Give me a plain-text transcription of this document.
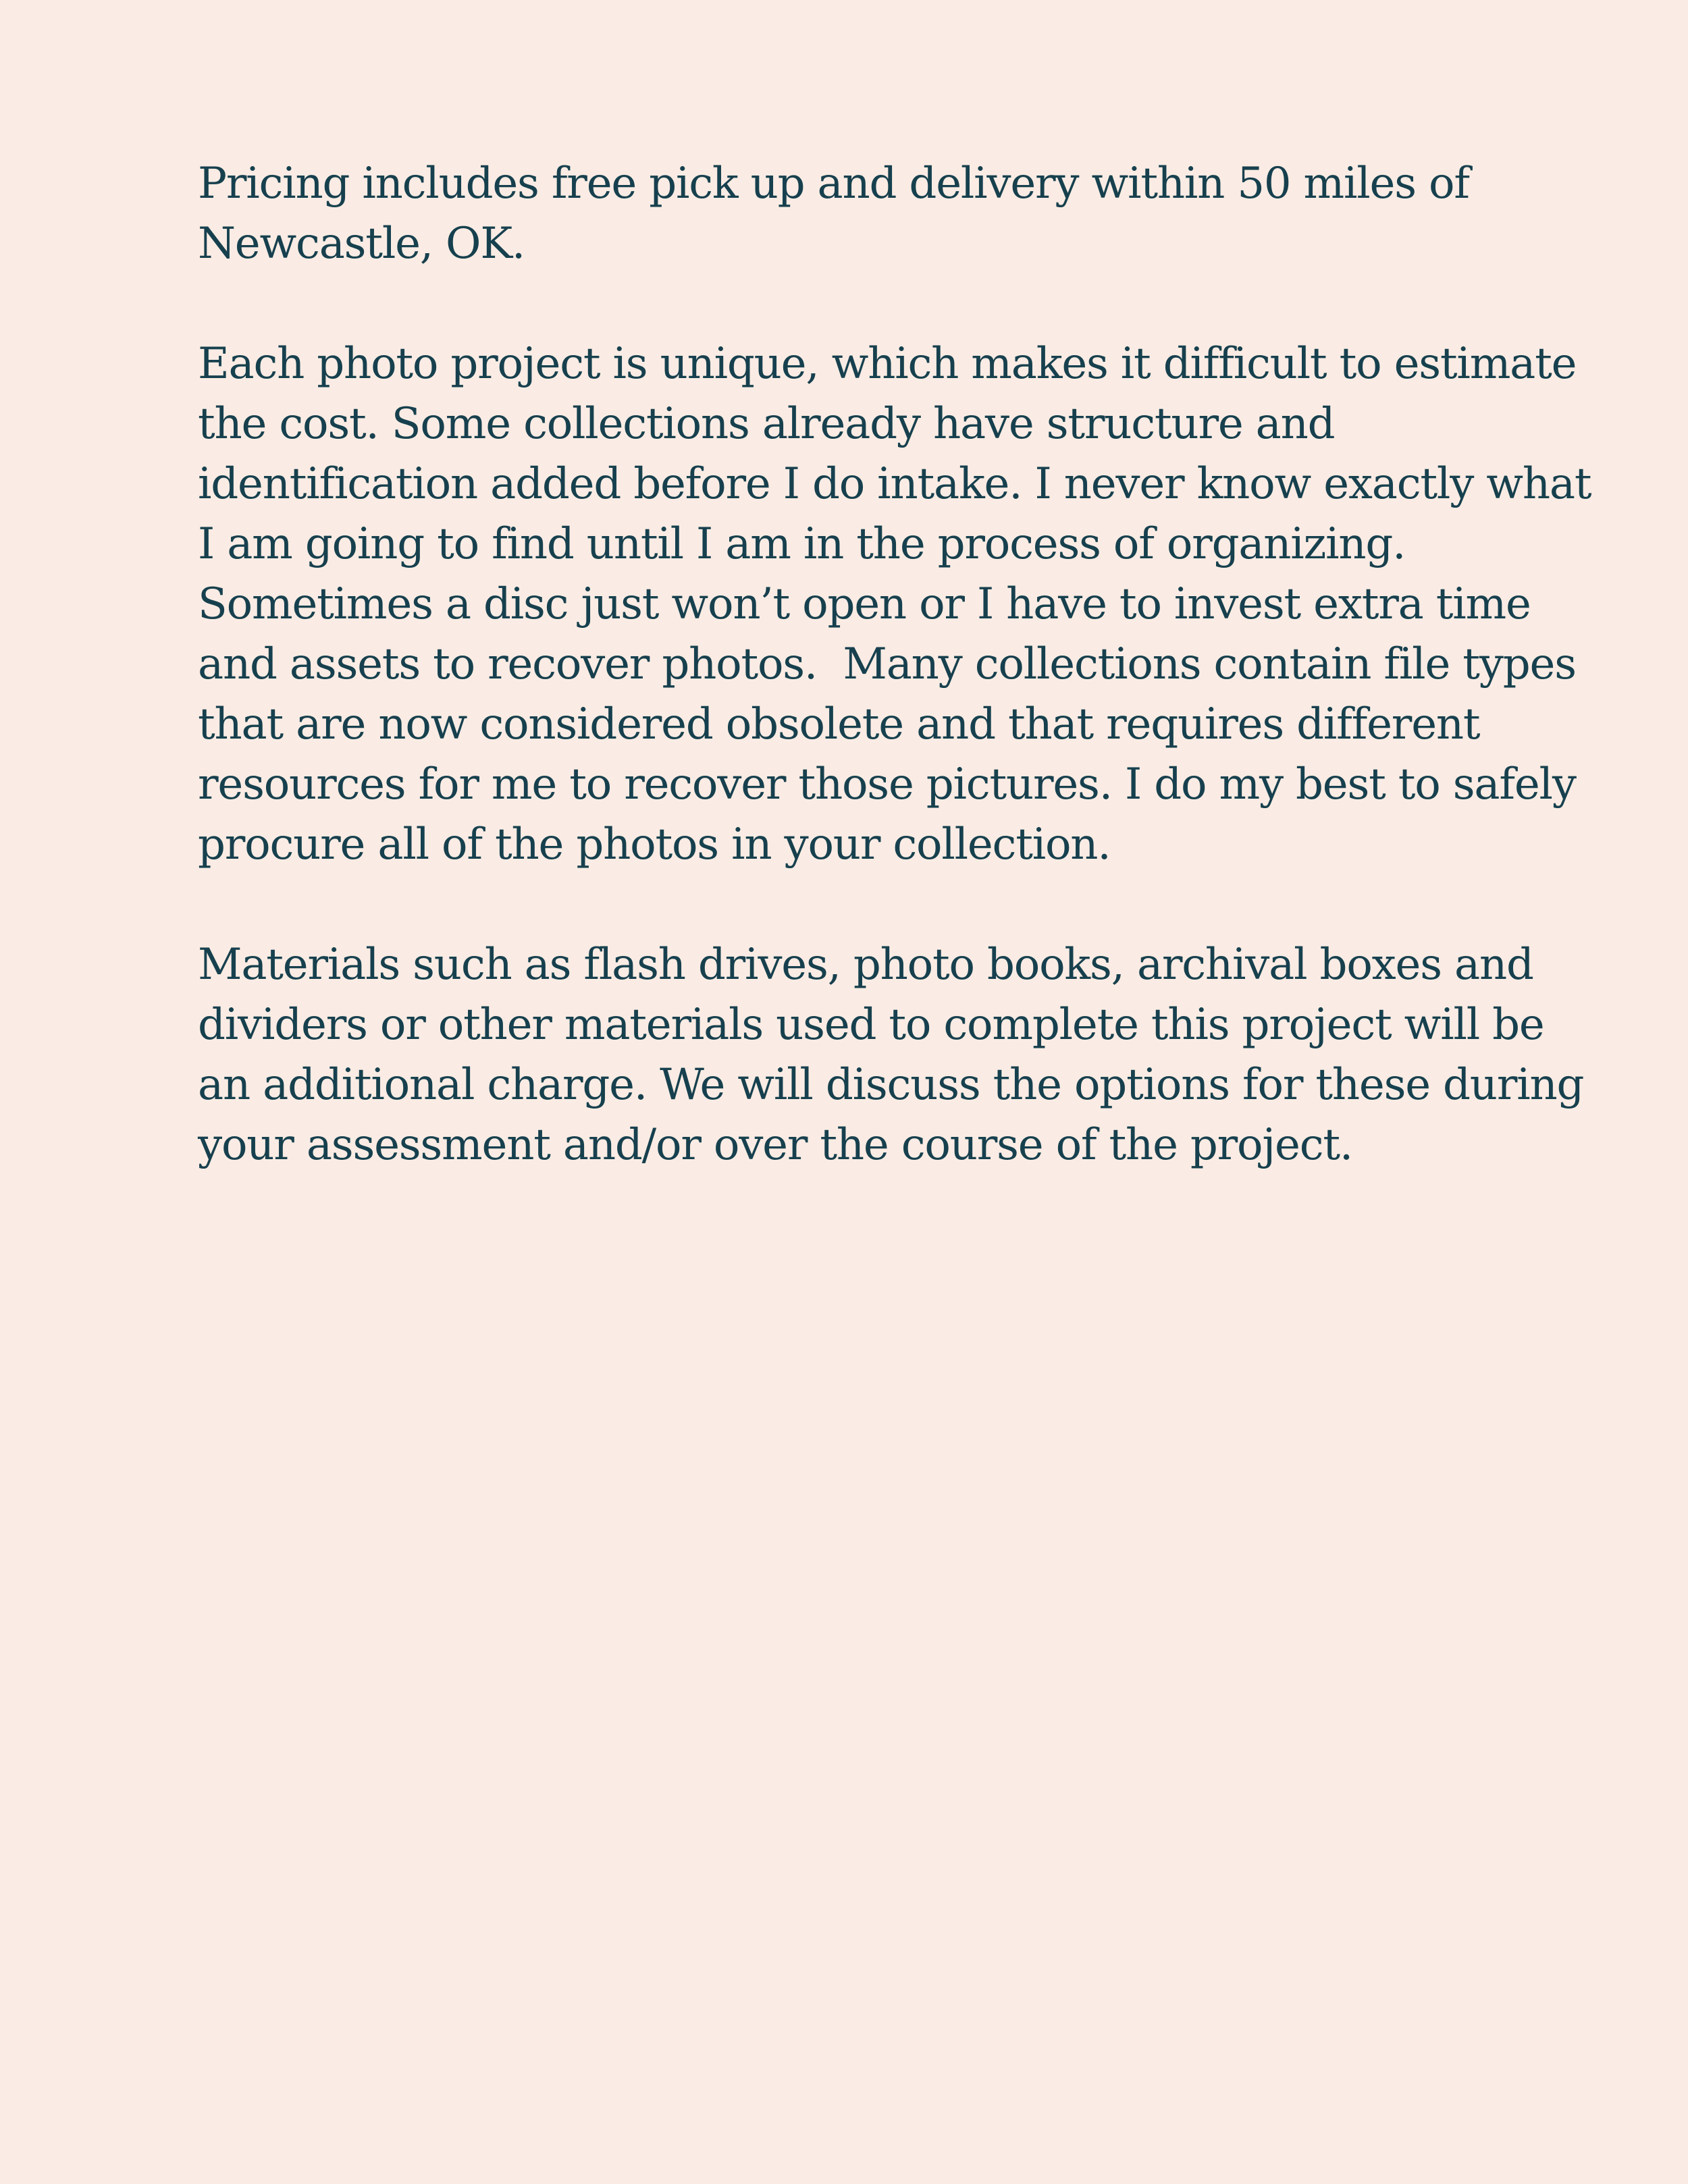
Pricing includes free pick up and delivery within 50 miles of
Newcastle, OK.

Each photo project is unique, which makes it difficult to estimate
the cost. Some collections already have structure and
identification added before I do intake. I never know exactly what
I am going to find until I am in the process of organizing.
Sometimes a disc just won’t open or I have to invest extra time
and assets to recover photos.  Many collections contain file types
that are now considered obsolete and that requires different
resources for me to recover those pictures. I do my best to safely
procure all of the photos in your collection.

Materials such as flash drives, photo books, archival boxes and
dividers or other materials used to complete this project will be
an additional charge. We will discuss the options for these during
your assessment and/or over the course of the project.
